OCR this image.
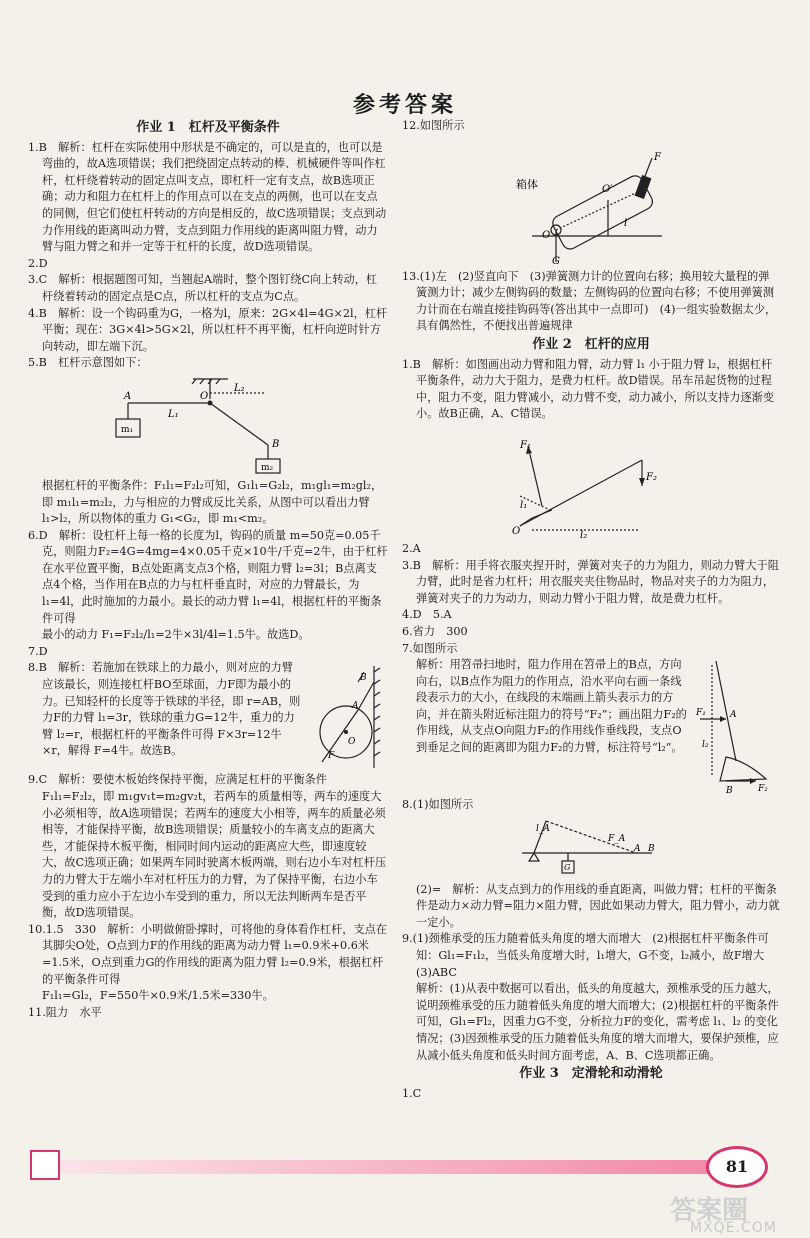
参考答案
作业 1　杠杆及平衡条件

1.B　解析：杠杆在实际使用中形状是不确定的，可以是直的，也可以是弯曲的，故A选项错误；我们把绕固定点转动的棒、机械硬件等叫作杠杆，杠杆绕着转动的固定点叫支点，即杠杆一定有支点，故B选项正确；动力和阻力在杠杆上的作用点可以在支点的两侧，也可以在支点的同侧，但它们使杠杆转动的方向是相反的，故C选项错误；支点到动力作用线的距离叫动力臂，支点到阻力作用线的距离叫阻力臂，动力臂与阻力臂之和并一定等于杠杆的长度，故D选项错误。

2.D

3.C　解析：根据题图可知，当翘起A端时，整个图钉绕C向上转动，杠杆绕着转动的固定点是C点，所以杠杆的支点为C点。

4.B　解析：设一个钩码重为G，一格为l，原来：2G×4l=4G×2l，杠杆平衡；现在：3G×4l>5G×2l，所以杠杆不再平衡，杠杆向逆时针方向转动，即左端下沉。

5.B　杠杆示意图如下：

A	O
L₁
L₂
B
m₁
m₂

根据杠杆的平衡条件：F₁l₁=F₂l₂可知，G₁l₁=G₂l₂，m₁gl₁=m₂gl₂，

即 m₁l₁=m₂l₂，力与相应的力臂成反比关系，从图中可以看出力臂 l₁>l₂，所以物体的重力 G₁<G₂，即 m₁<m₂。

6.D　解析：设杠杆上每一格的长度为l，钩码的质量 m=50克=0.05千克，则阻力F₂=4G=4mg=4×0.05千克×10牛/千克=2牛，由于杠杆在水平位置平衡，B点处距离支点3个格，则阻力臂 l₂=3l；B点离支点4个格，当作用在B点的力与杠杆垂直时，对应的力臂最长，为l₁=4l，此时施加的力最小。最长的动力臂 l₁=4l，根据杠杆的平衡条件可得

最小的动力 F₁=F₂l₂/l₁=2牛×3l/4l=1.5牛。故选D。

7.D

B
A
O
F

8.B　解析：若施加在铁球上的力最小，则对应的力臂应该最长，则连接杠杆BO至球面，力F即为最小的力。已知轻杆的长度等于铁球的半径，即 r=AB，则力F的力臂 l₁=3r，铁球的重力G=12牛，重力的力臂 l₂=r，根据杠杆的平衡条件可得 F×3r=12牛×r，解得 F=4牛。故选B。

9.C　解析：要使木板始终保持平衡，应满足杠杆的平衡条件 F₁l₁=F₂l₂，即 m₁gv₁t=m₂gv₂t，若两车的质量相等，两车的速度大小必须相等，故A选项错误；若两车的速度大小相等，两车的质量必须相等，才能保持平衡，故B选项错误；质量较小的车离支点的距离大些，才能保持木板平衡，相同时间内运动的距离应大些，即速度较大，故C选项正确；如果两车同时驶离木板两端，则右边小车对杠杆压力的力臂大于左端小车对杠杆压力的力臂，为了保持平衡，右边小车受到的重力应小于左边小车受到的重力，所以无法判断两车是否平衡，故D选项错误。

10.1.5　330　解析：小明做俯卧撑时，可将他的身体看作杠杆，支点在其脚尖O处，O点到力F的作用线的距离为动力臂 l₁=0.9米+0.6米=1.5米，O点到重力G的作用线的距离为阻力臂 l₂=0.9米，根据杠杆的平衡条件可得

F₁l₁=Gl₂，F=550牛×0.9米/1.5米=330牛。

11.阻力　水平

12.如图所示

箱体
O
O′
F
l
G

13.(1)左　(2)竖直向下　(3)弹簧测力计的位置向右移；换用较大量程的弹簧测力计；减少左侧钩码的数量；左侧钩码的位置向右移；不使用弹簧测力计而在右端直接挂钩码等(答出其中一点即可)　(4)一组实验数据太少，具有偶然性，不便找出普遍规律

作业 2　杠杆的应用

1.B　解析：如图画出动力臂和阻力臂，动力臂 l₁ 小于阻力臂 l₂，根据杠杆平衡条件，动力大于阻力，是费力杠杆。故D错误。吊车吊起货物的过程中，阻力不变，阻力臂减小，动力臂不变，动力减小，所以支持力逐渐变小。故B正确，A、C错误。

O
F₁
F₂
l₁
l₂

2.A

3.B　解析：用手将衣服夹捏开时，弹簧对夹子的力为阻力，则动力臂大于阻力臂，此时是省力杠杆；用衣服夹夹住物品时，物品对夹子的力为阻力，弹簧对夹子的力为动力，则动力臂小于阻力臂，故是费力杠杆。

4.D　5.A

6.省力　300

7.如图所示

F₁	A
l₂
F₂
B

解析：用笤帚扫地时，阻力作用在笤帚上的B点，方向向右，以B点作为阻力的作用点，沿水平向右画一条线段表示力的大小，在线段的末端画上箭头表示力的方向，并在箭头附近标注阻力的符号“F₂”；画出阻力F₂的作用线，从支点O向阻力F₂的作用线作垂线段，支点O到垂足之间的距离即为阻力F₂的力臂，标注符号“l₂”。

8.(1)如图所示

l_A
F_A
A B
G

(2)=　解析：从支点到力的作用线的垂直距离，叫做力臂；杠杆的平衡条件是动力×动力臂=阻力×阻力臂，因此如果动力臂大，阻力臂小，动力就一定小。

9.(1)颈椎承受的压力随着低头角度的增大而增大　(2)根据杠杆平衡条件可知：Gl₁=F₁l₂，当低头角度增大时，l₁增大，G不变，l₂减小，故F增大　(3)ABC

解析：(1)从表中数据可以看出，低头的角度越大，颈椎承受的压力越大，说明颈椎承受的压力随着低头角度的增大而增大；(2)根据杠杆的平衡条件可知，Gl₁=Fl₂，因重力G不变，分析拉力F的变化，需考虑 l₁、l₂ 的变化情况；(3)因颈椎承受的压力随着低头角度的增大而增大，要保护颈椎，应从减小低头角度和低头时间方面考虑，A、B、C选项都正确。

作业 3　定滑轮和动滑轮

1.C

81
答案圈
MXQE.COM
